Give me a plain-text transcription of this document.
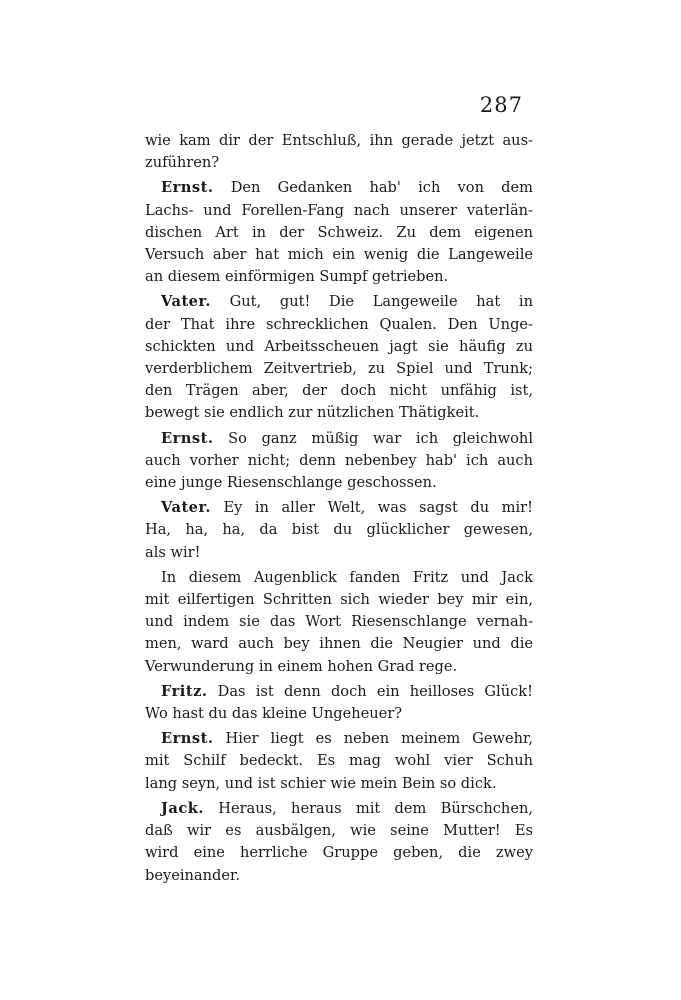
287
wie kam dir der Entschluß, ihn gerade jetzt aus-
zuführen?
Ernst. Den Gedanken hab' ich von dem
Lachs- und Forellen-Fang nach unserer vaterlän-
dischen Art in der Schweiz. Zu dem eigenen
Versuch aber hat mich ein wenig die Langeweile
an diesem einförmigen Sumpf getrieben.
Vater. Gut, gut! Die Langeweile hat in
der That ihre schrecklichen Qualen. Den Unge-
schickten und Arbeitsscheuen jagt sie häufig zu
verderblichem Zeitvertrieb, zu Spiel und Trunk;
den Trägen aber, der doch nicht unfähig ist,
bewegt sie endlich zur nützlichen Thätigkeit.
Ernst. So ganz müßig war ich gleichwohl
auch vorher nicht; denn nebenbey hab' ich auch
eine junge Riesenschlange geschossen.
Vater. Ey in aller Welt, was sagst du mir!
Ha, ha, ha, da bist du glücklicher gewesen,
als wir!
In diesem Augenblick fanden Fritz und Jack
mit eilfertigen Schritten sich wieder bey mir ein,
und indem sie das Wort Riesenschlange vernah-
men, ward auch bey ihnen die Neugier und die
Verwunderung in einem hohen Grad rege.
Fritz. Das ist denn doch ein heilloses Glück!
Wo hast du das kleine Ungeheuer?
Ernst. Hier liegt es neben meinem Gewehr,
mit Schilf bedeckt. Es mag wohl vier Schuh
lang seyn, und ist schier wie mein Bein so dick.
Jack. Heraus, heraus mit dem Bürschchen,
daß wir es ausbälgen, wie seine Mutter! Es
wird eine herrliche Gruppe geben, die zwey
beyeinander.
